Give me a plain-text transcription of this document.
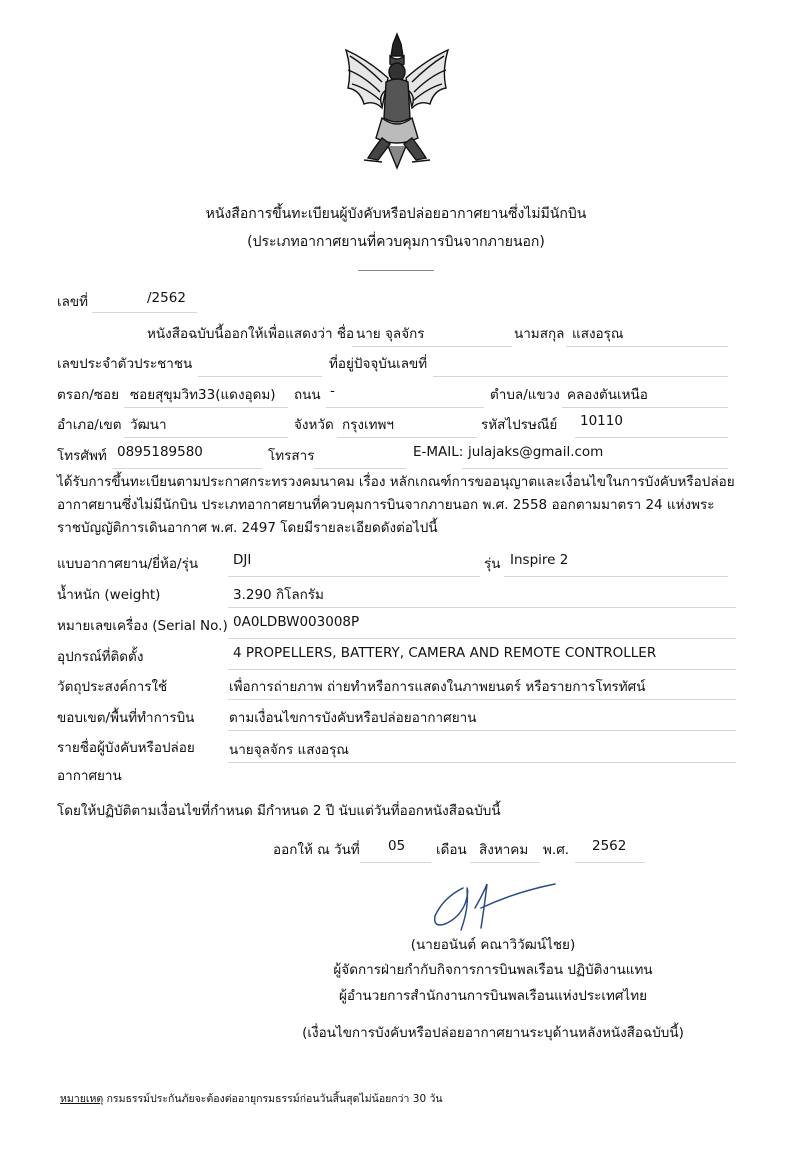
หนังสือการขึ้นทะเบียนผู้บังคับหรือปล่อยอากาศยานซึ่งไม่มีนักบิน
(ประเภทอากาศยานที่ควบคุมการบินจากภายนอก)
เลขที่	/2562
หนังสือฉบับนี้ออกให้เพื่อแสดงว่า ชื่อ นาย จุลจักร	นามสกุล แสงอรุณ
เลขประจำตัวประชาชน	ที่อยู่ปัจจุบันเลขที่
ตรอก/ซอย ซอยสุขุมวิท33(แดงอุดม) ถนน -	ตำบล/แขวง คลองตันเหนือ
อำเภอ/เขต วัฒนา	จังหวัด กรุงเทพฯ	รหัสไปรษณีย์ 10110
โทรศัพท์ 0895189580	โทรสาร	E-MAIL: julajaks@gmail.com
ได้รับการขึ้นทะเบียนตามประกาศกระทรวงคมนาคม เรื่อง หลักเกณฑ์การขออนุญาตและเงื่อนไขในการบังคับหรือปล่อยอากาศยานซึ่งไม่มีนักบิน ประเภทอากาศยานที่ควบคุมการบินจากภายนอก พ.ศ. 2558 ออกตามมาตรา 24 แห่งพระราชบัญญัติการเดินอากาศ พ.ศ. 2497 โดยมีรายละเอียดดังต่อไปนี้
แบบอากาศยาน/ยี่ห้อ/รุ่น	DJI	รุ่น Inspire 2
น้ำหนัก (weight)	3.290 กิโลกรัม
หมายเลขเครื่อง (Serial No.) 0A0LDBW003008P
อุปกรณ์ที่ติดตั้ง	4 PROPELLERS, BATTERY, CAMERA AND REMOTE CONTROLLER
วัตถุประสงค์การใช้	เพื่อการถ่ายภาพ ถ่ายทำหรือการแสดงในภาพยนตร์ หรือรายการโทรทัศน์
ขอบเขต/พื้นที่ทำการบิน	ตามเงื่อนไขการบังคับหรือปล่อยอากาศยาน
รายชื่อผู้บังคับหรือปล่อย
อากาศยาน
นายจุลจักร แสงอรุณ
โดยให้ปฏิบัติตามเงื่อนไขที่กำหนด มีกำหนด 2 ปี นับแต่วันที่ออกหนังสือฉบับนี้
ออกให้ ณ วันที่ 05 เดือน สิงหาคม พ.ศ. 2562
(นายอนันต์ คณาวิวัฒน์ไชย)
ผู้จัดการฝ่ายกำกับกิจการการบินพลเรือน ปฏิบัติงานแทน
ผู้อำนวยการสำนักงานการบินพลเรือนแห่งประเทศไทย
(เงื่อนไขการบังคับหรือปล่อยอากาศยานระบุด้านหลังหนังสือฉบับนี้)
หมายเหตุ กรมธรรม์ประกันภัยจะต้องต่ออายุกรมธรรม์ก่อนวันสิ้นสุดไม่น้อยกว่า 30 วัน
